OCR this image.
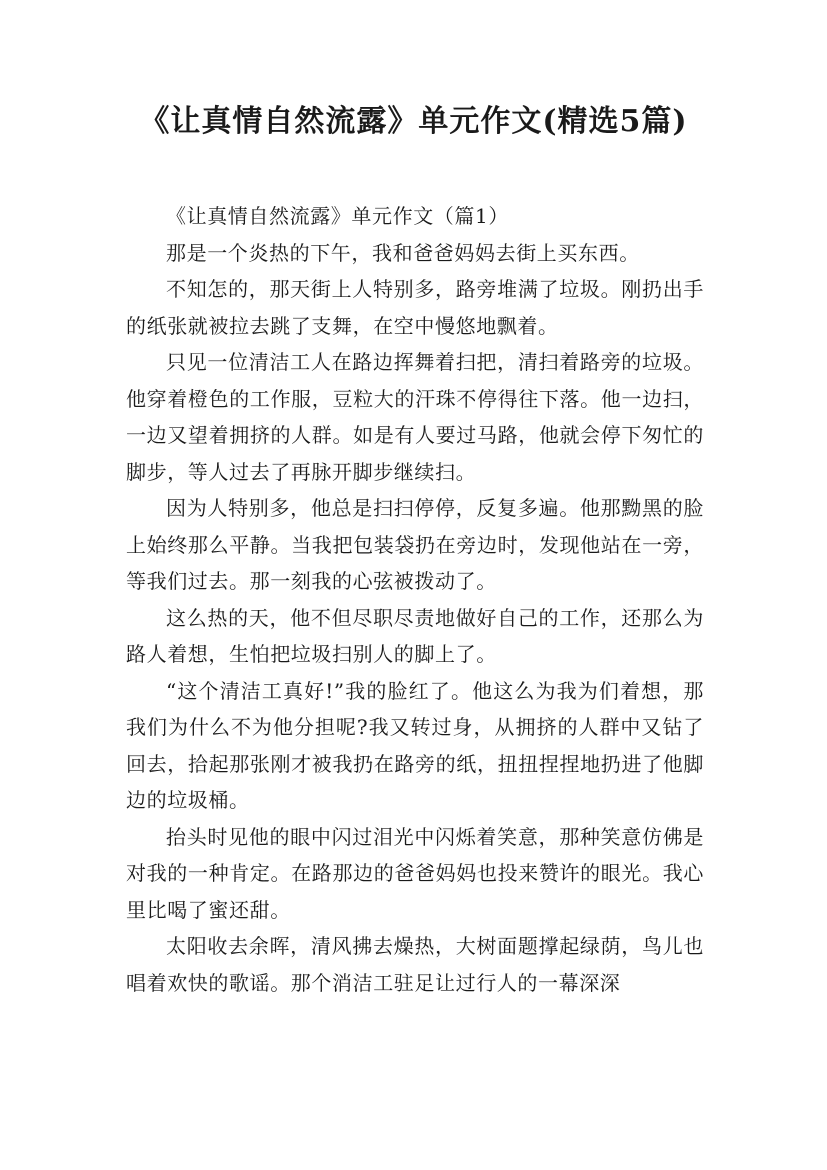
《让真情自然流露》单元作文(精选5篇)

《让真情自然流露》单元作文（篇1）

那是一个炎热的下午，我和爸爸妈妈去街上买东西。

不知怎的，那天街上人特别多，路旁堆满了垃圾。刚扔出手的纸张就被拉去跳了支舞，在空中慢悠地飘着。

只见一位清洁工人在路边挥舞着扫把，清扫着路旁的垃圾。他穿着橙色的工作服，豆粒大的汗珠不停得往下落。他一边扫，一边又望着拥挤的人群。如是有人要过马路，他就会停下匆忙的脚步，等人过去了再脉开脚步继续扫。

因为人特别多，他总是扫扫停停，反复多遍。他那黝黑的脸上始终那么平静。当我把包装袋扔在旁边时，发现他站在一旁，等我们过去。那一刻我的心弦被拨动了。

这么热的天，他不但尽职尽责地做好自己的工作，还那么为路人着想，生怕把垃圾扫别人的脚上了。

“这个清洁工真好!”我的脸红了。他这么为我为们着想，那我们为什么不为他分担呢?我又转过身，从拥挤的人群中又钻了回去，拾起那张刚才被我扔在路旁的纸，扭扭捏捏地扔进了他脚边的垃圾桶。

抬头时见他的眼中闪过泪光中闪烁着笑意，那种笑意仿佛是对我的一种肯定。在路那边的爸爸妈妈也投来赞许的眼光。我心里比喝了蜜还甜。

太阳收去余晖，清风拂去燥热，大树面题撑起绿荫，鸟儿也唱着欢快的歌谣。那个消洁工驻足让过行人的一幕深深
